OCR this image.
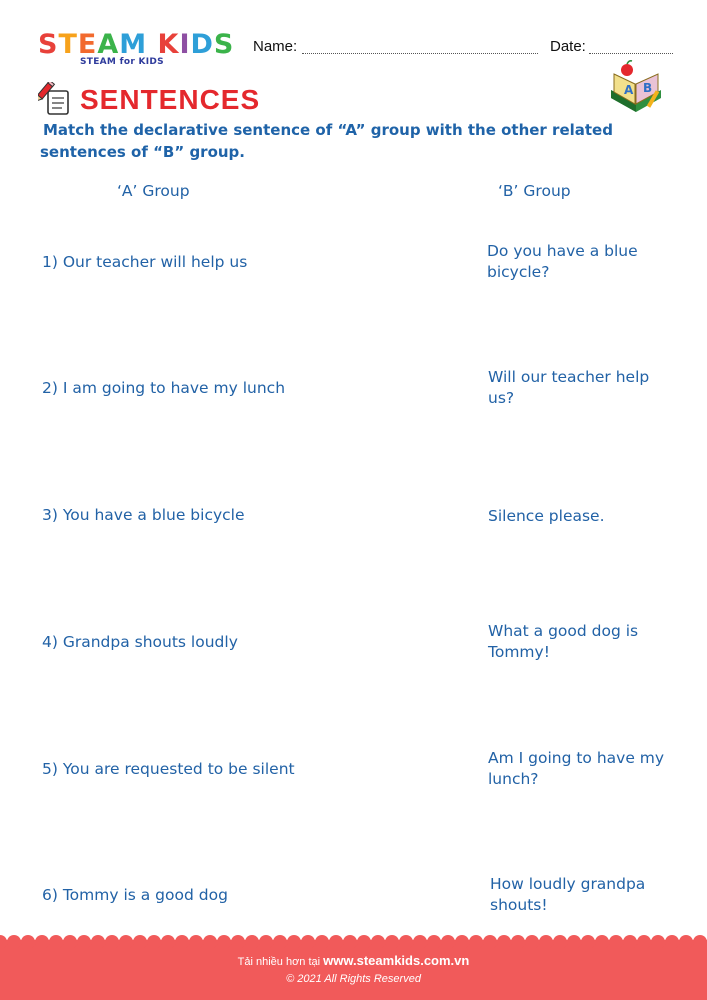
STEAM KIDS
STEAM for KIDS
Name:	Date:
SENTENCES	A B
Match the declarative sentence of “A” group with the other related sentences of “B” group.
‘A’ Group	‘B’ Group
1) Our teacher will help us
2) I am going to have my lunch
3) You have a blue bicycle
4) Grandpa shouts loudly
5) You are requested to be silent
6) Tommy is a good dog
Do you have a blue bicycle?
Will our teacher help us?
Silence please.
What a good dog is Tommy!
Am I going to have my lunch?
How loudly grandpa shouts!
Tải nhiều hơn tại www.steamkids.com.vn
© 2021 All Rights Reserved
